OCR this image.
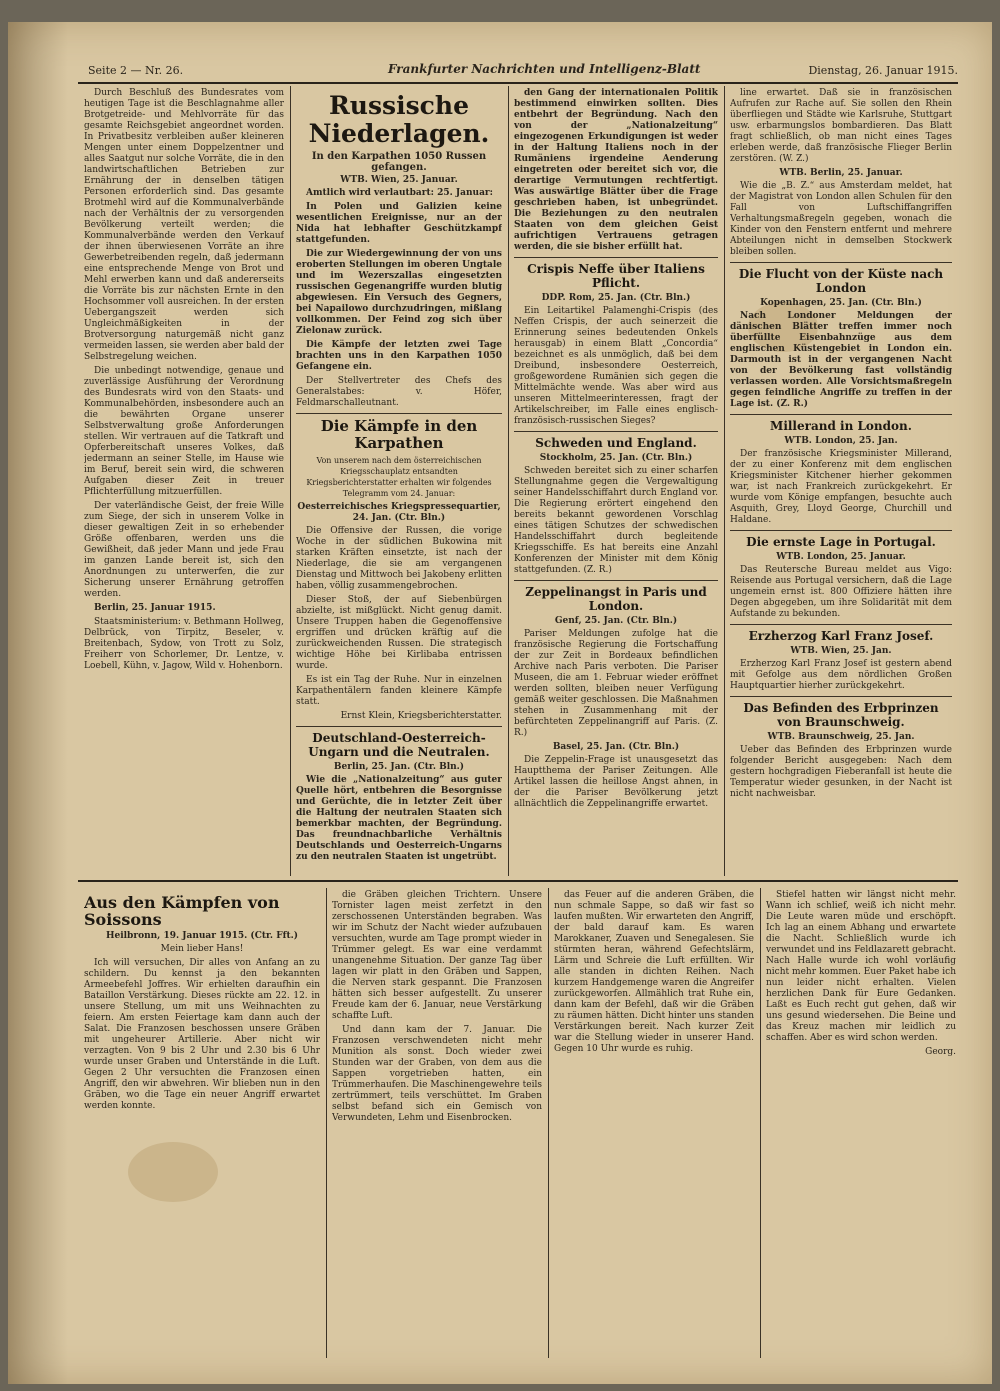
Seite 2 — Nr. 26.	Frankfurter Nachrichten und Intelligenz-Blatt	Dienstag, 26. Januar 1915.

Durch Beschluß des Bundesrates vom heutigen Tage ist die Beschlagnahme aller Brotgetreide- und Mehlvorräte für das gesamte Reichsgebiet angeordnet worden. In Privatbesitz verbleiben außer kleineren Mengen unter einem Doppelzentner und alles Saatgut nur solche Vorräte, die in den landwirtschaftlichen Betrieben zur Ernährung der in denselben tätigen Personen erforderlich sind. Das gesamte Brotmehl wird auf die Kommunalverbände nach der Verhältnis der zu versorgenden Bevölkerung verteilt werden; die Kommunalverbände werden den Verkauf der ihnen überwiesenen Vorräte an ihre Gewerbetreibenden regeln, daß jedermann eine entsprechende Menge von Brot und Mehl erwerben kann und daß andererseits die Vorräte bis zur nächsten Ernte in den Hochsommer voll ausreichen. In der ersten Uebergangszeit werden sich Ungleichmäßigkeiten in der Brotversorgung naturgemäß nicht ganz vermeiden lassen, sie werden aber bald der Selbstregelung weichen.

Die unbedingt notwendige, genaue und zuverlässige Ausführung der Verordnung des Bundesrats wird von den Staats- und Kommunalbehörden, insbesondere auch an die bewährten Organe unserer Selbstverwaltung große Anforderungen stellen. Wir vertrauen auf die Tatkraft und Opferbereitschaft unseres Volkes, daß jedermann an seiner Stelle, im Hause wie im Beruf, bereit sein wird, die schweren Aufgaben dieser Zeit in treuer Pflichterfüllung mitzuerfüllen.

Der vaterländische Geist, der freie Wille zum Siege, der sich in unserem Volke in dieser gewaltigen Zeit in so erhebender Größe offenbaren, werden uns die Gewißheit, daß jeder Mann und jede Frau im ganzen Lande bereit ist, sich den Anordnungen zu unterwerfen, die zur Sicherung unserer Ernährung getroffen werden.

Berlin, 25. Januar 1915.

Staatsministerium: v. Bethmann Hollweg, Delbrück, von Tirpitz, Beseler, v. Breitenbach, Sydow, von Trott zu Solz, Freiherr von Schorlemer, Dr. Lentze, v. Loebell, Kühn, v. Jagow, Wild v. Hohenborn.

Russische Niederlagen.
In den Karpathen 1050 Russen gefangen.
WTB. Wien, 25. Januar.

Amtlich wird verlautbart: 25. Januar:

In Polen und Galizien keine wesentlichen Ereignisse, nur an der Nida hat lebhafter Geschützkampf stattgefunden.

Die zur Wiedergewinnung der von uns eroberten Stellungen im oberen Ungtale und im Wezerszallas eingesetzten russischen Gegenangriffe wurden blutig abgewiesen. Ein Versuch des Gegners, bei Napailowo durchzudringen, mißlang vollkommen. Der Feind zog sich über Zielonaw zurück.

Die Kämpfe der letzten zwei Tage brachten uns in den Karpathen 1050 Gefangene ein.

Der Stellvertreter des Chefs des Generalstabes: v. Höfer, Feldmarschalleutnant.

Die Kämpfe in den Karpathen

Von unserem nach dem österreichischen Kriegsschauplatz entsandten Kriegsberichterstatter erhalten wir folgendes Telegramm vom 24. Januar:

Oesterreichisches Kriegspressequartier, 24. Jan. (Ctr. Bln.)

Die Offensive der Russen, die vorige Woche in der südlichen Bukowina mit starken Kräften einsetzte, ist nach der Niederlage, die sie am vergangenen Dienstag und Mittwoch bei Jakobeny erlitten haben, völlig zusammengebrochen.

Dieser Stoß, der auf Siebenbürgen abzielte, ist mißglückt. Nicht genug damit. Unsere Truppen haben die Gegenoffensive ergriffen und drücken kräftig auf die zurückweichenden Russen. Die strategisch wichtige Höhe bei Kirlibaba entrissen wurde.

Es ist ein Tag der Ruhe. Nur in einzelnen Karpathentälern fanden kleinere Kämpfe statt.

Ernst Klein, Kriegsberichterstatter.

Deutschland-Oesterreich-Ungarn und die Neutralen.
Berlin, 25. Jan. (Ctr. Bln.)

Wie die „Nationalzeitung“ aus guter Quelle hört, entbehren die Besorgnisse und Gerüchte, die in letzter Zeit über die Haltung der neutralen Staaten sich bemerkbar machten, der Begründung. Das freundnachbarliche Verhältnis Deutschlands und Oesterreich-Ungarns zu den neutralen Staaten ist ungetrübt.

den Gang der internationalen Politik bestimmend einwirken sollten. Dies entbehrt der Begründung. Nach den von der „Nationalzeitung“ eingezogenen Erkundigungen ist weder in der Haltung Italiens noch in der Rumäniens irgendeine Aenderung eingetreten oder bereitet sich vor, die derartige Vermutungen rechtfertigt. Was auswärtige Blätter über die Frage geschrieben haben, ist unbegründet. Die Beziehungen zu den neutralen Staaten von dem gleichen Geist aufrichtigen Vertrauens getragen werden, die sie bisher erfüllt hat.

Crispis Neffe über Italiens Pflicht.
DDP. Rom, 25. Jan. (Ctr. Bln.)

Ein Leitartikel Palamenghi-Crispis (des Neffen Crispis, der auch seinerzeit die Erinnerung seines bedeutenden Onkels herausgab) in einem Blatt „Concordia“ bezeichnet es als unmöglich, daß bei dem Dreibund, insbesondere Oesterreich, großgewordene Rumänien sich gegen die Mittelmächte wende. Was aber wird aus unseren Mittelmeerinteressen, fragt der Artikelschreiber, im Falle eines englisch-französisch-russischen Sieges?

Schweden und England.
Stockholm, 25. Jan. (Ctr. Bln.)

Schweden bereitet sich zu einer scharfen Stellungnahme gegen die Vergewaltigung seiner Handelsschiffahrt durch England vor. Die Regierung erörtert eingehend den bereits bekannt gewordenen Vorschlag eines tätigen Schutzes der schwedischen Handelsschiffahrt durch begleitende Kriegsschiffe. Es hat bereits eine Anzahl Konferenzen der Minister mit dem König stattgefunden. (Z. R.)

Zeppelinangst in Paris und London.
Genf, 25. Jan. (Ctr. Bln.)

Pariser Meldungen zufolge hat die französische Regierung die Fortschaffung der zur Zeit in Bordeaux befindlichen Archive nach Paris verboten. Die Pariser Museen, die am 1. Februar wieder eröffnet werden sollten, bleiben neuer Verfügung gemäß weiter geschlossen. Die Maßnahmen stehen in Zusammenhang mit der befürchteten Zeppelinangriff auf Paris. (Z. R.)

Basel, 25. Jan. (Ctr. Bln.)

Die Zeppelin-Frage ist unausgesetzt das Hauptthema der Pariser Zeitungen. Alle Artikel lassen die heillose Angst ahnen, in der die Pariser Bevölkerung jetzt allnächtlich die Zeppelinangriffe erwartet.

line erwartet. Daß sie in französischen Aufrufen zur Rache auf. Sie sollen den Rhein überfliegen und Städte wie Karlsruhe, Stuttgart usw. erbarmungslos bombardieren. Das Blatt fragt schließlich, ob man nicht eines Tages erleben werde, daß französische Flieger Berlin zerstören. (W. Z.)

WTB. Berlin, 25. Januar.

Wie die „B. Z.“ aus Amsterdam meldet, hat der Magistrat von London allen Schulen für den Fall von Luftschiffangriffen Verhaltungsmaßregeln gegeben, wonach die Kinder von den Fenstern entfernt und mehrere Abteilungen nicht in demselben Stockwerk bleiben sollen.

Die Flucht von der Küste nach London
Kopenhagen, 25. Jan. (Ctr. Bln.)

Nach Londoner Meldungen der dänischen Blätter treffen immer noch überfüllte Eisenbahnzüge aus dem englischen Küstengebiet in London ein. Darmouth ist in der vergangenen Nacht von der Bevölkerung fast vollständig verlassen worden. Alle Vorsichtsmaßregeln gegen feindliche Angriffe zu treffen in der Lage ist. (Z. R.)

Millerand in London.
WTB. London, 25. Jan.

Der französische Kriegsminister Millerand, der zu einer Konferenz mit dem englischen Kriegsminister Kitchener hierher gekommen war, ist nach Frankreich zurückgekehrt. Er wurde vom Könige empfangen, besuchte auch Asquith, Grey, Lloyd George, Churchill und Haldane.

Die ernste Lage in Portugal.
WTB. London, 25. Januar.

Das Reutersche Bureau meldet aus Vigo: Reisende aus Portugal versichern, daß die Lage ungemein ernst ist. 800 Offiziere hätten ihre Degen abgegeben, um ihre Solidarität mit dem Aufstande zu bekunden.

Erzherzog Karl Franz Josef.
WTB. Wien, 25. Jan.

Erzherzog Karl Franz Josef ist gestern abend mit Gefolge aus dem nördlichen Großen Hauptquartier hierher zurückgekehrt.

Das Befinden des Erbprinzen von Braunschweig.
WTB. Braunschweig, 25. Jan.

Ueber das Befinden des Erbprinzen wurde folgender Bericht ausgegeben: Nach dem gestern hochgradigen Fieberanfall ist heute die Temperatur wieder gesunken, in der Nacht ist nicht nachweisbar.

Aus den Kämpfen von Soissons
Heilbronn, 19. Januar 1915. (Ctr. Fft.)

Mein lieber Hans!

Ich will versuchen, Dir alles von Anfang an zu schildern. Du kennst ja den bekannten Armeebefehl Joffres. Wir erhielten daraufhin ein Bataillon Verstärkung. Dieses rückte am 22. 12. in unsere Stellung, um mit uns Weihnachten zu feiern. Am ersten Feiertage kam dann auch der Salat. Die Franzosen beschossen unsere Gräben mit ungeheurer Artillerie. Aber nicht wir verzagten. Von 9 bis 2 Uhr und 2.30 bis 6 Uhr wurde unser Graben und Unterstände in die Luft. Gegen 2 Uhr versuchten die Franzosen einen Angriff, den wir abwehren. Wir blieben nun in den Gräben, wo die Tage ein neuer Angriff erwartet werden konnte.

die Gräben gleichen Trichtern. Unsere Tornister lagen meist zerfetzt in den zerschossenen Unterständen begraben. Was wir im Schutz der Nacht wieder aufzubauen versuchten, wurde am Tage prompt wieder in Trümmer gelegt. Es war eine verdammt unangenehme Situation. Der ganze Tag über lagen wir platt in den Gräben und Sappen, die Nerven stark gespannt. Die Franzosen hätten sich besser aufgestellt. Zu unserer Freude kam der 6. Januar, neue Verstärkung schaffte Luft.

Und dann kam der 7. Januar. Die Franzosen verschwendeten nicht mehr Munition als sonst. Doch wieder zwei Stunden war der Graben, von dem aus die Sappen vorgetrieben hatten, ein Trümmerhaufen. Die Maschinengewehre teils zertrümmert, teils verschüttet. Im Graben selbst befand sich ein Gemisch von Verwundeten, Lehm und Eisenbrocken.

das Feuer auf die anderen Gräben, die nun schmale Sappe, so daß wir fast so laufen mußten. Wir erwarteten den Angriff, der bald darauf kam. Es waren Marokkaner, Zuaven und Senegalesen. Sie stürmten heran, während Gefechtslärm, Lärm und Schreie die Luft erfüllten. Wir alle standen in dichten Reihen. Nach kurzem Handgemenge waren die Angreifer zurückgeworfen. Allmählich trat Ruhe ein, dann kam der Befehl, daß wir die Gräben zu räumen hätten. Dicht hinter uns standen Verstärkungen bereit. Nach kurzer Zeit war die Stellung wieder in unserer Hand. Gegen 10 Uhr wurde es ruhig.

Stiefel hatten wir längst nicht mehr. Wann ich schlief, weiß ich nicht mehr. Die Leute waren müde und erschöpft. Ich lag an einem Abhang und erwartete die Nacht. Schließlich wurde ich verwundet und ins Feldlazarett gebracht. Nach Halle wurde ich wohl vorläufig nicht mehr kommen. Euer Paket habe ich nun leider nicht erhalten. Vielen herzlichen Dank für Eure Gedanken. Laßt es Euch recht gut gehen, daß wir uns gesund wiedersehen. Die Beine und das Kreuz machen mir leidlich zu schaffen. Aber es wird schon werden.

Georg.
